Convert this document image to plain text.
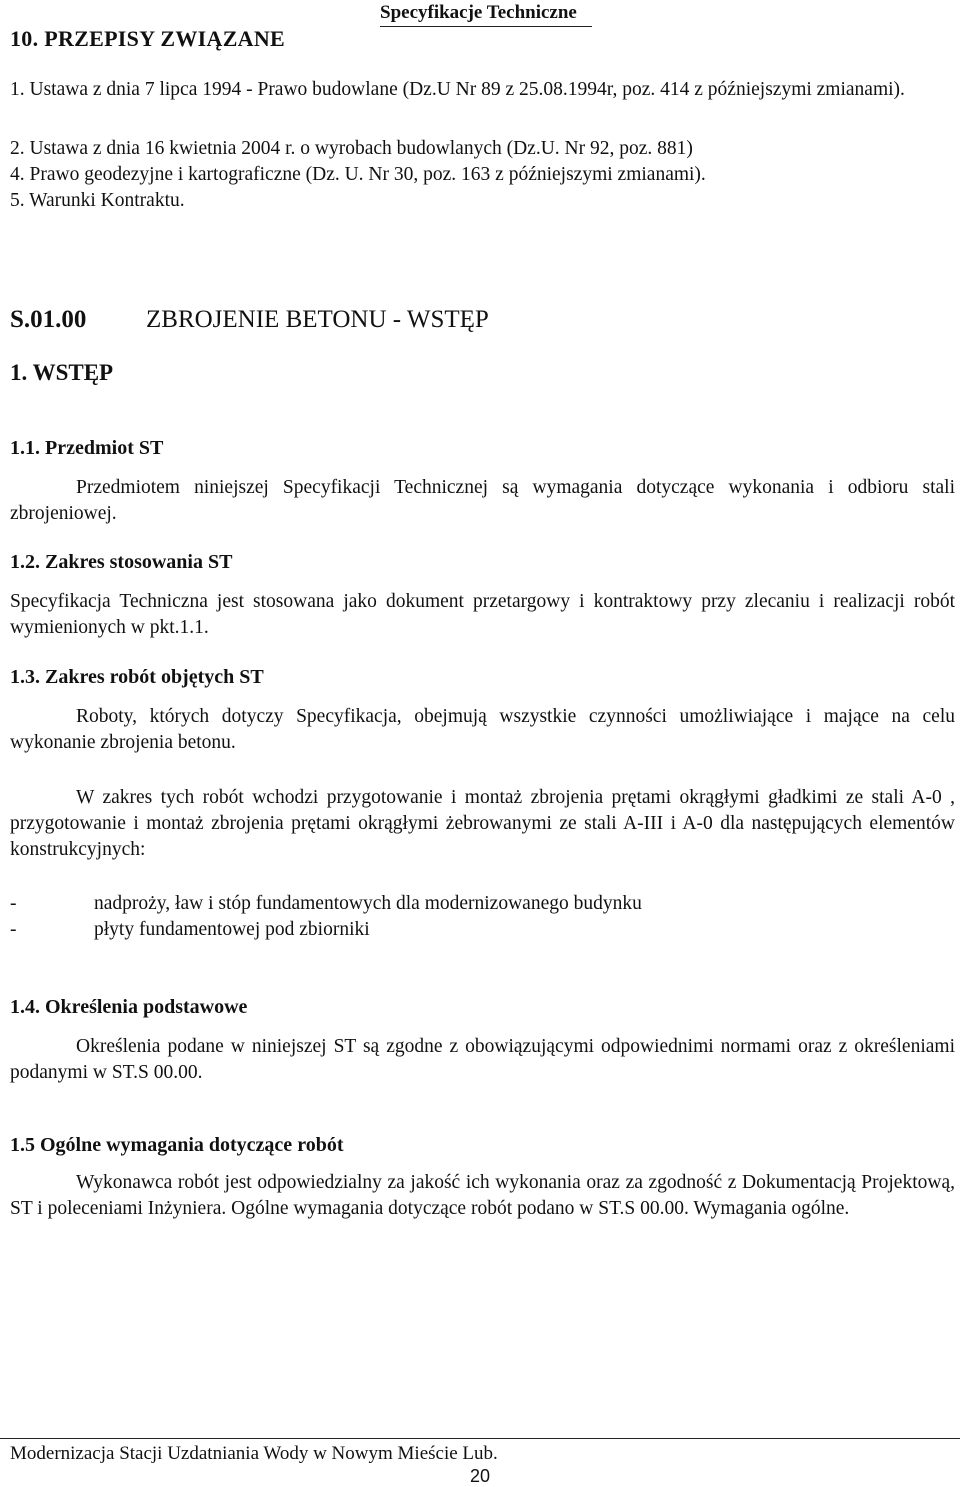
Specyfikacje Techniczne
10. PRZEPISY ZWIĄZANE
1. Ustawa z dnia 7 lipca 1994 - Prawo budowlane (Dz.U Nr 89 z 25.08.1994r, poz. 414 z późniejszymi zmianami).
2. Ustawa z dnia 16 kwietnia 2004 r. o wyrobach budowlanych (Dz.U. Nr 92, poz. 881)
4. Prawo geodezyjne i kartograficzne (Dz. U. Nr 30, poz. 163 z późniejszymi zmianami).
5. Warunki Kontraktu.
S.01.00 ZBROJENIE BETONU - WSTĘP
1. WSTĘP
1.1. Przedmiot ST
Przedmiotem niniejszej Specyfikacji Technicznej są wymagania dotyczące wykonania i odbioru stali zbrojeniowej.
1.2. Zakres stosowania ST
Specyfikacja Techniczna jest stosowana jako dokument przetargowy i kontraktowy przy zlecaniu i realizacji robót wymienionych w pkt.1.1.
1.3. Zakres robót objętych ST
Roboty, których dotyczy Specyfikacja, obejmują wszystkie czynności umożliwiające i mające na celu wykonanie zbrojenia betonu.
W zakres tych robót wchodzi przygotowanie i montaż zbrojenia prętami okrągłymi gładkimi ze stali A-0 , przygotowanie i montaż zbrojenia prętami okrągłymi żebrowanymi ze stali A-III i A-0 dla następujących elementów konstrukcyjnych:
-	nadproży, ław i stóp fundamentowych dla modernizowanego budynku
-	płyty fundamentowej pod zbiorniki
1.4. Określenia podstawowe
Określenia podane w niniejszej ST są zgodne z obowiązującymi odpowiednimi normami oraz z określeniami podanymi w ST.S 00.00.
1.5 Ogólne wymagania dotyczące robót
Wykonawca robót jest odpowiedzialny za jakość ich wykonania oraz za zgodność z Dokumentacją Projektową, ST i poleceniami Inżyniera. Ogólne wymagania dotyczące robót podano w ST.S 00.00. Wymagania ogólne.
Modernizacja Stacji Uzdatniania Wody w Nowym Mieście Lub.
20
